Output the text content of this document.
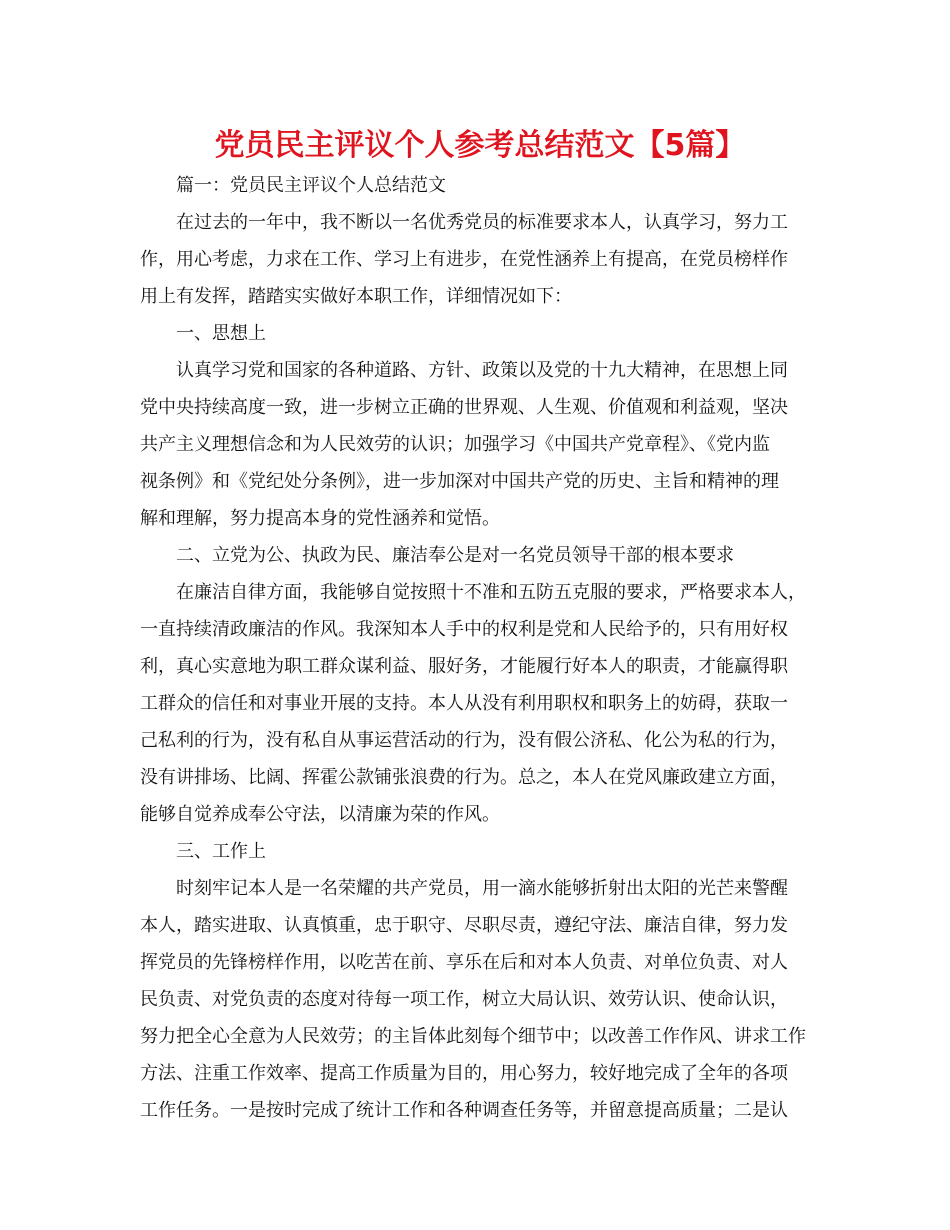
党员民主评议个人参考总结范文【5篇】

篇一：党员民主评议个人总结范文

在过去的一年中，我不断以一名优秀党员的标准要求本人，认真学习，努力工

作，用心考虑，力求在工作、学习上有进步，在党性涵养上有提高，在党员榜样作

用上有发挥，踏踏实实做好本职工作，详细情况如下：

一、思想上

认真学习党和国家的各种道路、方针、政策以及党的十九大精神，在思想上同

党中央持续高度一致，进一步树立正确的世界观、人生观、价值观和利益观，坚决

共产主义理想信念和为人民效劳的认识；加强学习《中国共产党章程》、《党内监

视条例》和《党纪处分条例》，进一步加深对中国共产党的历史、主旨和精神的理

解和理解，努力提高本身的党性涵养和觉悟。

二、立党为公、执政为民、廉洁奉公是对一名党员领导干部的根本要求

在廉洁自律方面，我能够自觉按照十不准和五防五克服的要求，严格要求本人，

一直持续清政廉洁的作风。我深知本人手中的权利是党和人民给予的，只有用好权

利，真心实意地为职工群众谋利益、服好务，才能履行好本人的职责，才能赢得职

工群众的信任和对事业开展的支持。本人从没有利用职权和职务上的妨碍，获取一

己私利的行为，没有私自从事运营活动的行为，没有假公济私、化公为私的行为，

没有讲排场、比阔、挥霍公款铺张浪费的行为。总之，本人在党风廉政建立方面，

能够自觉养成奉公守法，以清廉为荣的作风。

三、工作上

时刻牢记本人是一名荣耀的共产党员，用一滴水能够折射出太阳的光芒来警醒

本人，踏实进取、认真慎重，忠于职守、尽职尽责，遵纪守法、廉洁自律，努力发

挥党员的先锋榜样作用，以吃苦在前、享乐在后和对本人负责、对单位负责、对人

民负责、对党负责的态度对待每一项工作，树立大局认识、效劳认识、使命认识，

努力把全心全意为人民效劳；的主旨体此刻每个细节中；以改善工作作风、讲求工作

方法、注重工作效率、提高工作质量为目的，用心努力，较好地完成了全年的各项

工作任务。一是按时完成了统计工作和各种调查任务等，并留意提高质量；二是认
